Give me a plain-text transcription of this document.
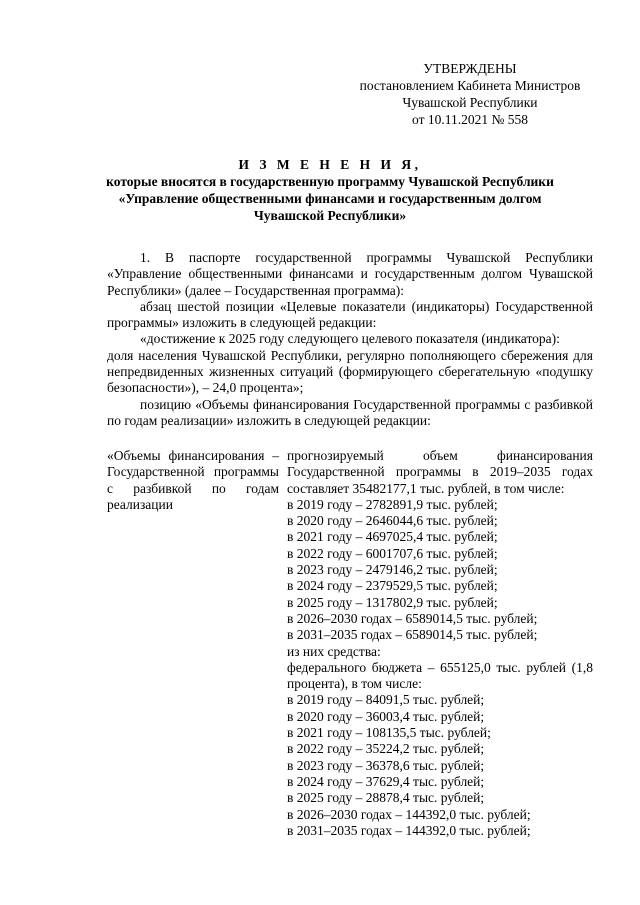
УТВЕРЖДЕНЫ
постановлением Кабинета Министров
Чувашской Республики
от 10.11.2021 № 558
И З М Е Н Е Н И Я,
которые вносятся в государственную программу Чувашской Республики
«Управление общественными финансами и государственным долгом
Чувашской Республики»

1. В паспорте государственной программы Чувашской Республики «Управление общественными финансами и государственным долгом Чувашской Республики» (далее – Государственная программа):

абзац шестой позиции «Целевые показатели (индикаторы) Государственной программы» изложить в следующей редакции:

«достижение к 2025 году следующего целевого показателя (индикатора):

доля населения Чувашской Республики, регулярно пополняющего сбережения для непредвиденных жизненных ситуаций (формирующего сберегательную «подушку безопасности»), – 24,0 процента»;

позицию «Объемы финансирования Государственной программы с разбивкой по годам реализации» изложить в следующей редакции:

«Объемы финансирования – Государственной программы с разбивкой по годам реализации
прогнозируемый объем финансирования Государственной программы в 2019–2035 годах составляет 35482177,1 тыс. рублей, в том числе:
в 2019 году – 2782891,9 тыс. рублей;
в 2020 году – 2646044,6 тыс. рублей;
в 2021 году – 4697025,4 тыс. рублей;
в 2022 году – 6001707,6 тыс. рублей;
в 2023 году – 2479146,2 тыс. рублей;
в 2024 году – 2379529,5 тыс. рублей;
в 2025 году – 1317802,9 тыс. рублей;
в 2026–2030 годах – 6589014,5 тыс. рублей;
в 2031–2035 годах – 6589014,5 тыс. рублей;
из них средства:
федерального бюджета – 655125,0 тыс. рублей (1,8 процента), в том числе:
в 2019 году – 84091,5 тыс. рублей;
в 2020 году – 36003,4 тыс. рублей;
в 2021 году – 108135,5 тыс. рублей;
в 2022 году – 35224,2 тыс. рублей;
в 2023 году – 36378,6 тыс. рублей;
в 2024 году – 37629,4 тыс. рублей;
в 2025 году – 28878,4 тыс. рублей;
в 2026–2030 годах – 144392,0 тыс. рублей;
в 2031–2035 годах – 144392,0 тыс. рублей;
